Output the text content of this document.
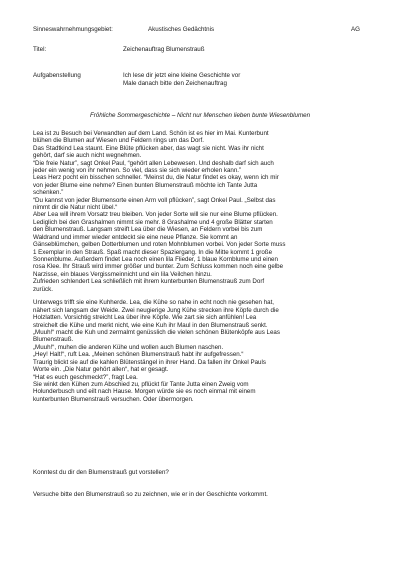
Sinneswahrnehmungsgebiet:	Akustisches Gedächtnis	AG
Titel:	Zeichenauftrag Blumenstrauß
Aufgabenstellung	Ich lese dir jetzt eine kleine Geschichte vor
Male danach bitte den Zeichenauftrag
Fröhliche Sommergeschichte – Nicht nur Menschen lieben bunte Wiesenblumen

Lea ist zu Besuch bei Verwandten auf dem Land. Schön ist es hier im Mai. Kunterbunt
blühen die Blumen auf Wiesen und Feldern rings um das Dorf.
Das Stadtkind Lea staunt. Eine Blüte pflücken aber, das wagt sie nicht. Was ihr nicht
gehört, darf sie auch nicht wegnehmen.
“Die freie Natur”, sagt Onkel Paul, “gehört allen Lebewesen. Und deshalb darf sich auch
jeder ein wenig von ihr nehmen. So viel, dass sie sich wieder erholen kann.”
Leas Herz pocht ein bisschen schneller. “Meinst du, die Natur findet es okay, wenn ich mir
von jeder Blume eine nehme? Einen bunten Blumenstrauß möchte ich Tante Jutta
schenken.”
“Du kannst von jeder Blumensorte einen Arm voll pflücken”, sagt Onkel Paul. „Selbst das
nimmt dir die Natur nicht übel.“
Aber Lea will ihrem Vorsatz treu bleiben. Von jeder Sorte will sie nur eine Blume pflücken.
Lediglich bei den Grashalmen nimmt sie mehr. 8 Grashalme und 4 große Blätter starten
den Blumenstrauß. Langsam streift Lea über die Wiesen, an Feldern vorbei bis zum
Waldrand und immer wieder entdeckt sie eine neue Pflanze. Sie kommt an
Gänseblümchen, gelben Dotterblumen und roten Mohnblumen vorbei. Von jeder Sorte muss
1 Exemplar in den Strauß. Spaß macht dieser Spaziergang. In die Mitte kommt 1 große
Sonnenblume. Außerdem findet Lea noch einen lila Flieder, 1 blaue Kornblume und einen
rosa Klee. Ihr Strauß wird immer größer und bunter. Zum Schluss kommen noch eine gelbe
Narzisse, ein blaues Vergissmeinnicht und ein lila Veilchen hinzu.
Zufrieden schlendert Lea schließlich mit ihrem kunterbunten Blumenstrauß zum Dorf
zurück.

Unterwegs trifft sie eine Kuhherde. Lea, die Kühe so nahe in echt noch nie gesehen hat,
nähert sich langsam der Weide. Zwei neugierige Jung Kühe strecken ihre Köpfe durch die
Holzlatten. Vorsichtig streicht Lea über ihre Köpfe. Wie zart sie sich anfühlen! Lea
streichelt die Kühe und merkt nicht, wie eine Kuh ihr Maul in den Blumenstrauß senkt.
„Muuh!“ macht die Kuh und zermalmt genüsslich die vielen schönen Blütenköpfe aus Leas
Blumenstrauß.
„Muuh!“, muhen die anderen Kühe und wollen auch Blumen naschen.
„Hey! Halt!“, ruft Lea. „Meinen schönen Blumenstrauß habt ihr aufgefressen.“
Traurig blickt sie auf die kahlen Blütenstängel in ihrer Hand. Da fallen ihr Onkel Pauls
Worte ein. „Die Natur gehört allen“, hat er gesagt.
“Hat es euch geschmeckt?”, fragt Lea.
Sie winkt den Kühen zum Abschied zu, pflückt für Tante Jutta einen Zweig vom
Holunderbusch und eilt nach Hause. Morgen würde sie es noch einmal mit einem
kunterbunten Blumenstrauß versuchen. Oder übermorgen.

Konntest du dir den Blumenstrauß gut vorstellen?
Versuche bitte den Blumenstrauß so zu zeichnen, wie er in der Geschichte vorkommt.
